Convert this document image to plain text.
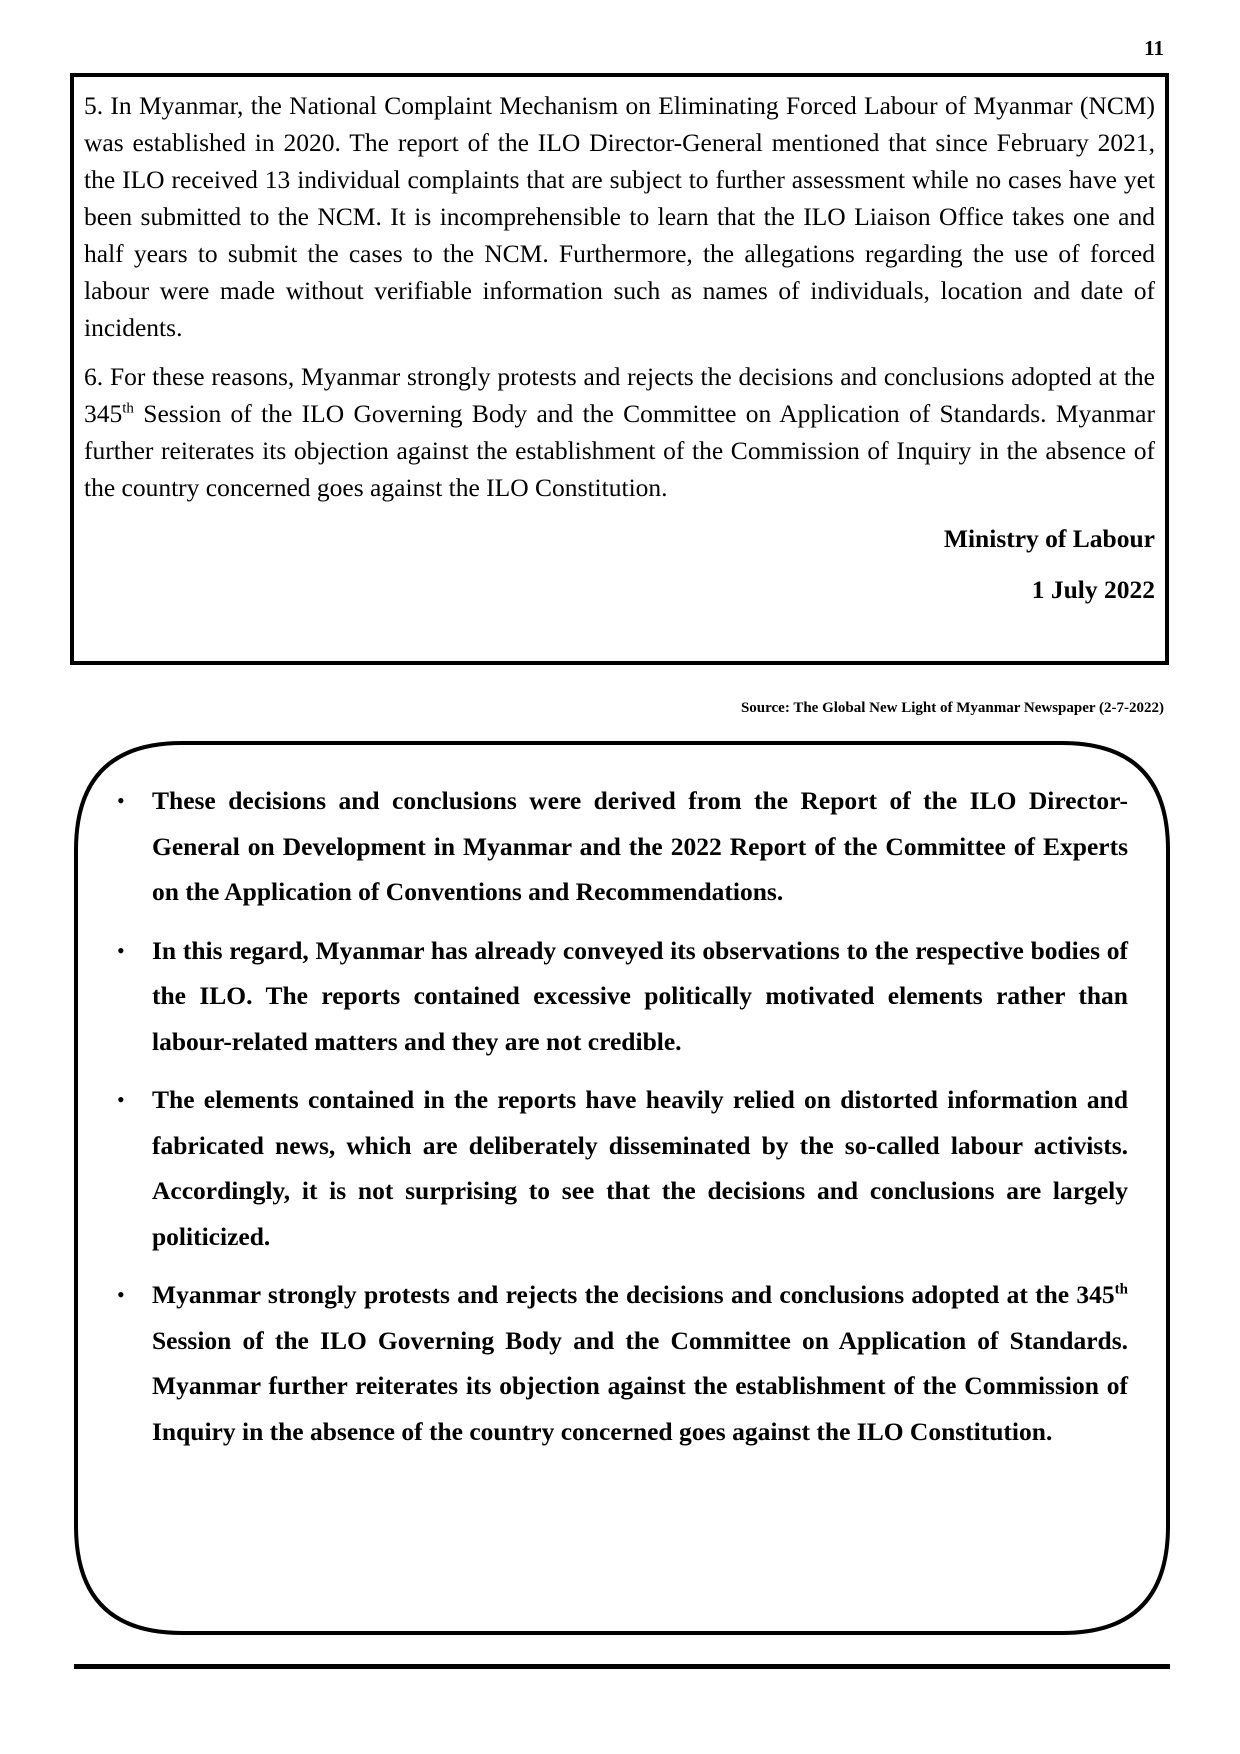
11

5. In Myanmar, the National Complaint Mechanism on Eliminating Forced Labour of Myanmar (NCM) was established in 2020. The report of the ILO Director-General mentioned that since February 2021, the ILO received 13 individual complaints that are subject to further assessment while no cases have yet been submitted to the NCM. It is incomprehensible to learn that the ILO Liaison Office takes one and half years to submit the cases to the NCM. Furthermore, the allegations regarding the use of forced labour were made without verifiable information such as names of individuals, location and date of incidents.

6. For these reasons, Myanmar strongly protests and rejects the decisions and conclusions adopted at the 345th Session of the ILO Governing Body and the Committee on Application of Standards. Myanmar further reiterates its objection against the establishment of the Commission of Inquiry in the absence of the country concerned goes against the ILO Constitution.

Ministry of Labour

1 July 2022

Source: The Global New Light of Myanmar Newspaper (2-7-2022)
• These decisions and conclusions were derived from the Report of the ILO Director-General on Development in Myanmar and the 2022 Report of the Committee of Experts on the Application of Conventions and Recommendations.
• In this regard, Myanmar has already conveyed its observations to the respective bodies of the ILO. The reports contained excessive politically motivated elements rather than labour-related matters and they are not credible.
• The elements contained in the reports have heavily relied on distorted information and fabricated news, which are deliberately disseminated by the so-called labour activists. Accordingly, it is not surprising to see that the decisions and conclusions are largely politicized.
• Myanmar strongly protests and rejects the decisions and conclusions adopted at the 345th Session of the ILO Governing Body and the Committee on Application of Standards. Myanmar further reiterates its objection against the establishment of the Commission of Inquiry in the absence of the country concerned goes against the ILO Constitution.
